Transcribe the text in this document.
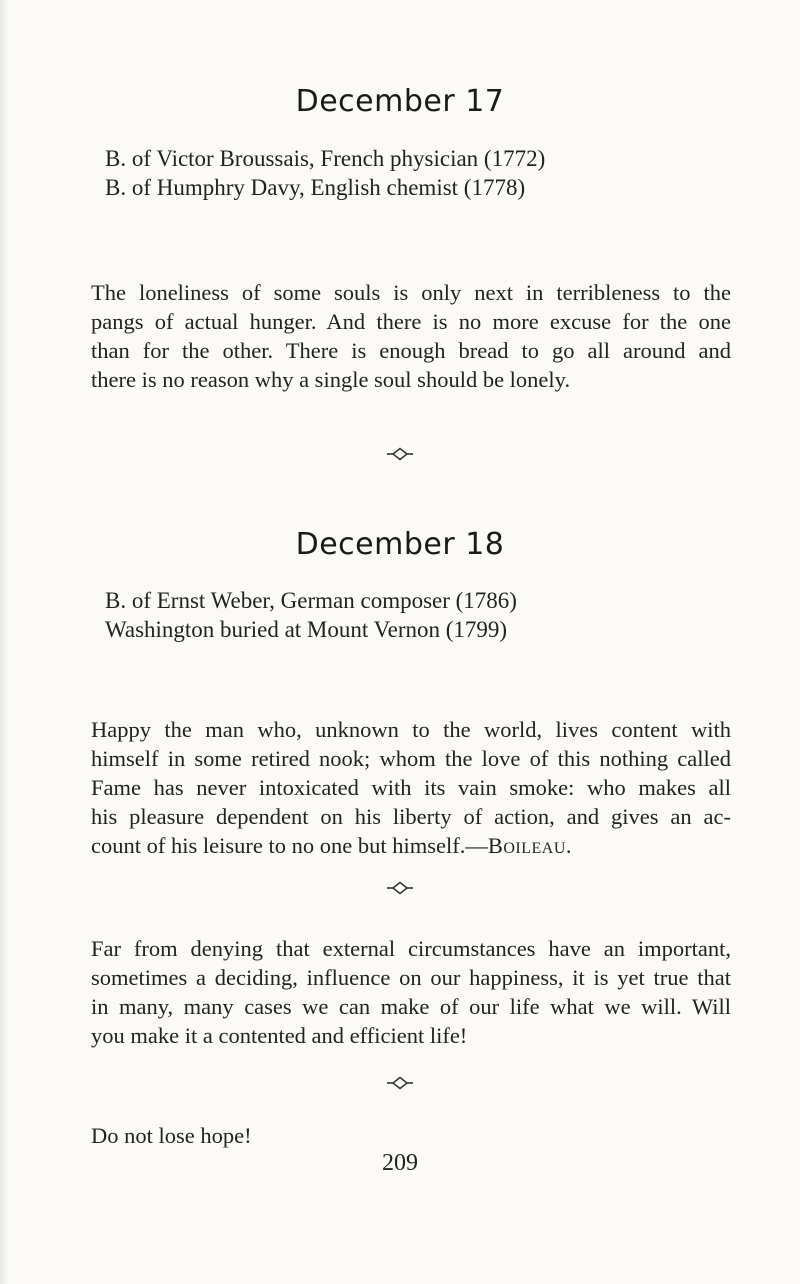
December 17
B. of Victor Broussais, French physician (1772)
B. of Humphry Davy, English chemist (1778)
The loneliness of some souls is only next in terribleness to the
pangs of actual hunger. And there is no more excuse for the one
than for the other. There is enough bread to go all around and
there is no reason why a single soul should be lonely.
December 18
B. of Ernst Weber, German composer (1786)
Washington buried at Mount Vernon (1799)
Happy the man who, unknown to the world, lives content with
himself in some retired nook; whom the love of this nothing called
Fame has never intoxicated with its vain smoke: who makes all
his pleasure dependent on his liberty of action, and gives an ac-
count of his leisure to no one but himself.—Boileau.
Far from denying that external circumstances have an important,
sometimes a deciding, influence on our happiness, it is yet true that
in many, many cases we can make of our life what we will. Will
you make it a contented and efficient life!
Do not lose hope!
209
